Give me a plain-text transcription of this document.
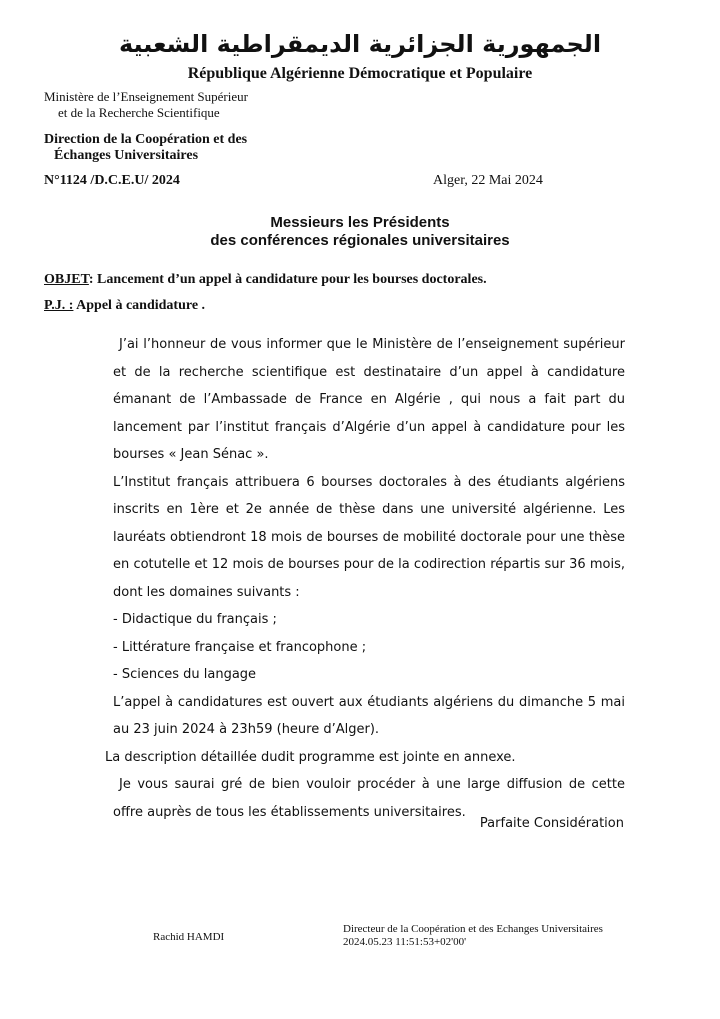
الجمهورية الجزائرية الديمقراطية الشعبية
République Algérienne Démocratique et Populaire
Ministère de l’Enseignement Supérieur
et de la Recherche Scientifique
Direction de la Coopération et des
Échanges Universitaires
N°1124 /D.C.E.U/ 2024	Alger, 22 Mai 2024
Messieurs les Présidents
des conférences régionales universitaires
OBJET: Lancement d’un appel à candidature pour les bourses doctorales.
P.J. : Appel à candidature .

J’ai l’honneur de vous informer que le Ministère de l’enseignement supérieur et de la recherche scientifique est destinataire d’un appel à candidature émanant de l’Ambassade de France en Algérie , qui nous a fait part du lancement par l’institut français d’Algérie d’un appel à candidature pour les bourses « Jean Sénac ».

L’Institut français attribuera 6 bourses doctorales à des étudiants algériens inscrits en 1ère et 2e année de thèse dans une université algérienne. Les lauréats obtiendront 18 mois de bourses de mobilité doctorale pour une thèse en cotutelle et 12 mois de bourses pour de la codirection répartis sur 36 mois, dont les domaines suivants :

- Didactique du français ;

- Littérature française et francophone ;

- Sciences du langage

L’appel à candidatures est ouvert aux étudiants algériens du dimanche 5 mai au 23 juin 2024 à 23h59 (heure d’Alger).

La description détaillée dudit programme est jointe en annexe.

Je vous saurai gré de bien vouloir procéder à une large diffusion de cette offre auprès de tous les établissements universitaires.

Parfaite Considération
Rachid HAMDI
Directeur de la Coopération et des Echanges Universitaires
2024.05.23 11:51:53+02'00'
